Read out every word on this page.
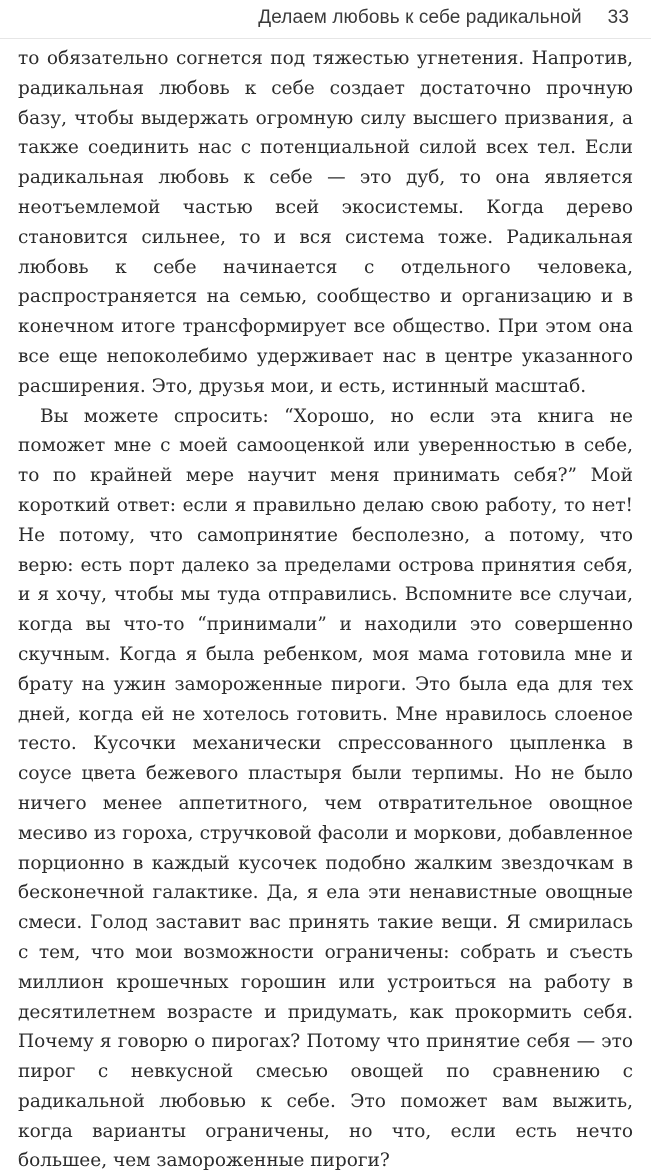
Делаем любовь к себе радикальной 33

то обязательно согнется под тяжестью угнетения. Напротив, радикальная любовь к себе создает достаточно прочную базу, чтобы выдержать огромную силу высшего призвания, а также соединить нас с потенциальной силой всех тел. Если радикальная любовь к себе — это дуб, то она является неотъемлемой частью всей экосистемы. Когда дерево становится сильнее, то и вся система тоже. Радикальная любовь к себе начинается с отдельного человека, распространяется на семью, сообщество и организацию и в конечном итоге трансформирует все общество. При этом она все еще непоколебимо удерживает нас в центре указанного расширения. Это, друзья мои, и есть, истинный масштаб.

Вы можете спросить: “Хорошо, но если эта книга не поможет мне с моей самооценкой или уверенностью в себе, то по крайней мере научит меня принимать себя?” Мой короткий ответ: если я правильно делаю свою работу, то нет! Не потому, что самопринятие бесполезно, а потому, что верю: есть порт далеко за пределами острова принятия себя, и я хочу, чтобы мы туда отправились. Вспомните все случаи, когда вы что-то “принимали” и находили это совершенно скучным. Когда я была ребенком, моя мама готовила мне и брату на ужин замороженные пироги. Это была еда для тех дней, когда ей не хотелось готовить. Мне нравилось слоеное тесто. Кусочки механически спрессованного цыпленка в соусе цвета бежевого пластыря были терпимы. Но не было ничего менее аппетитного, чем отвратительное овощное месиво из гороха, стручковой фасоли и моркови, добавленное порционно в каждый кусочек подобно жалким звездочкам в бесконечной галактике. Да, я ела эти ненавистные овощные смеси. Голод заставит вас принять такие вещи. Я смирилась с тем, что мои возможности ограничены: собрать и съесть миллион крошечных горошин или устроиться на работу в десятилетнем возрасте и придумать, как прокормить себя. Почему я говорю о пирогах? Потому что принятие себя — это пирог с невкусной смесью овощей по сравнению с радикальной любовью к себе. Это поможет вам выжить, когда варианты ограничены, но что, если есть нечто большее, чем замороженные пироги?
